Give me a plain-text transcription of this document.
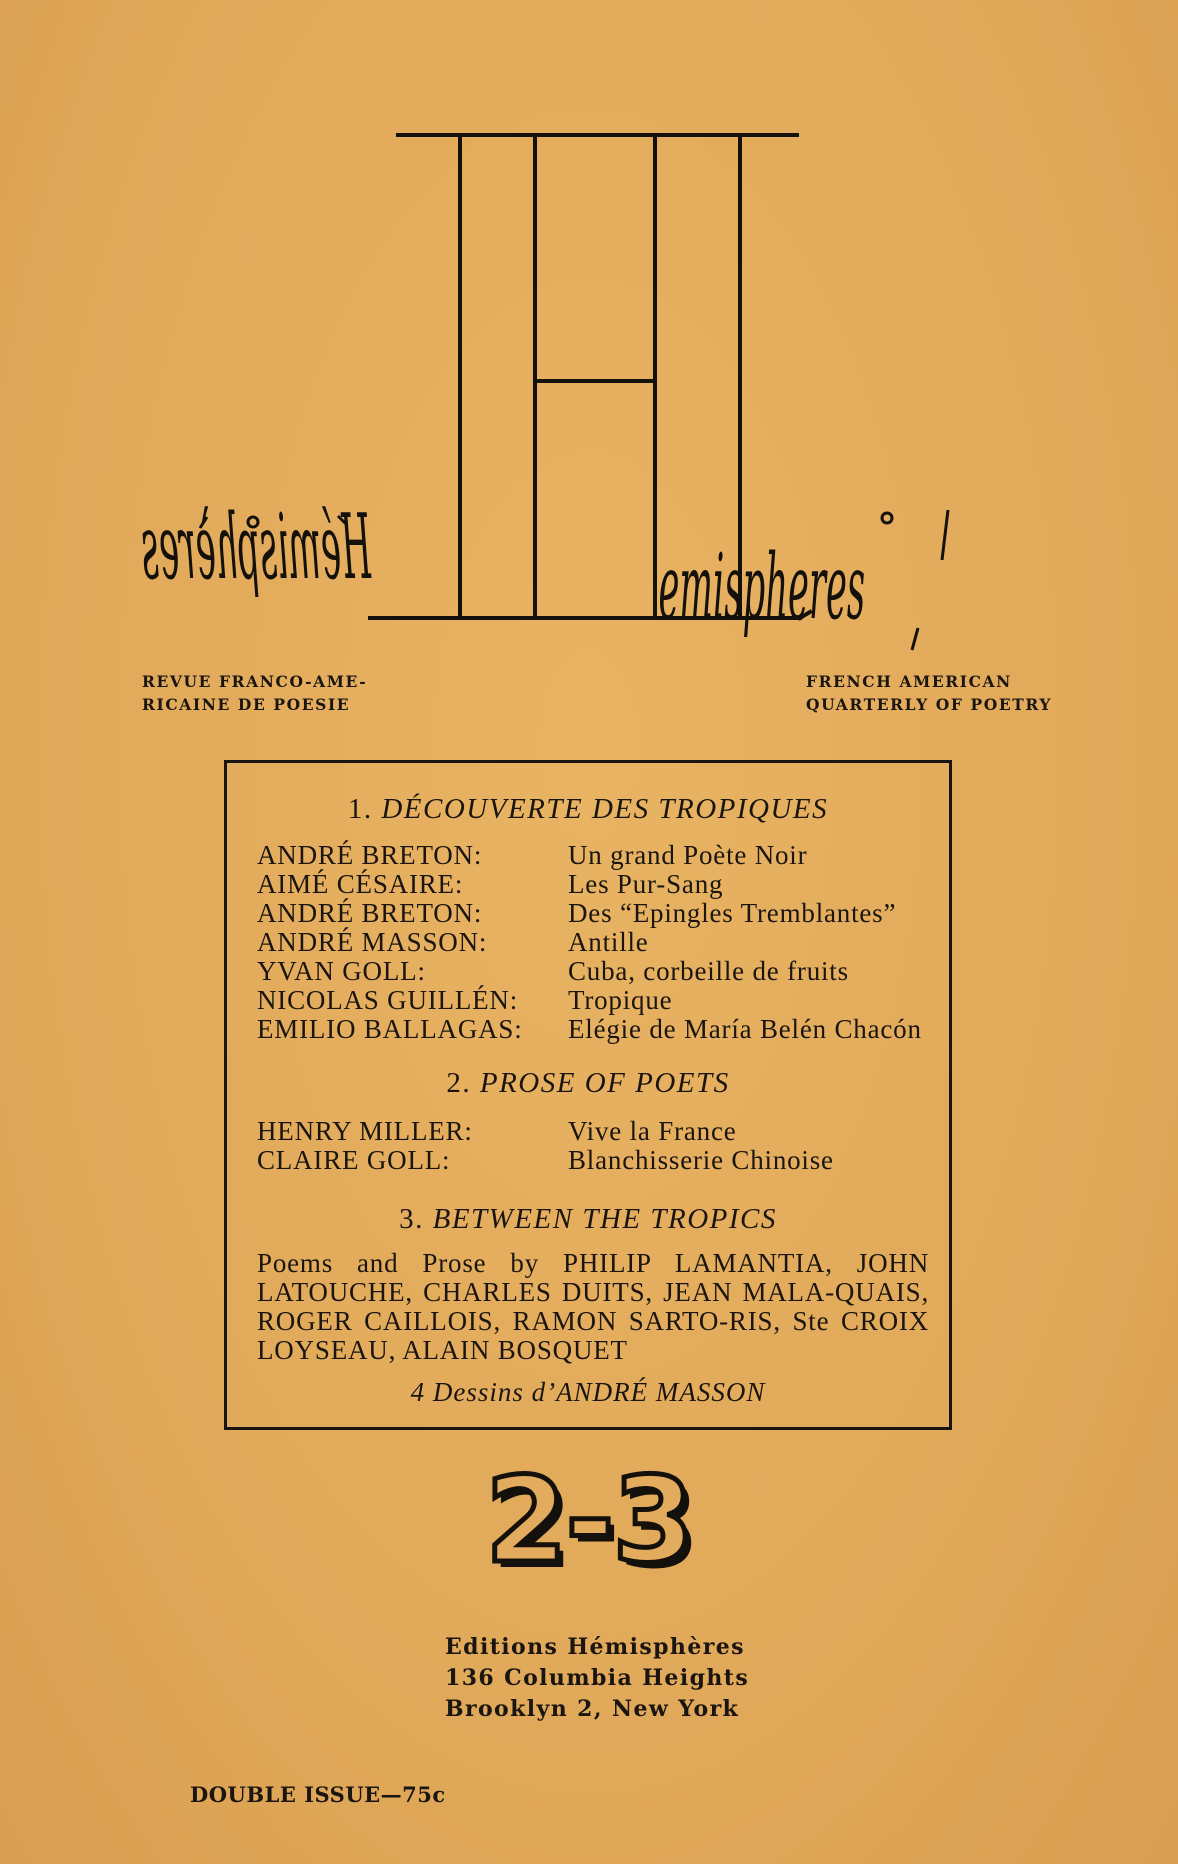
Hémisphères	emispheres
REVUE FRANCO-AME-
RICAINE DE POESIE
FRENCH AMERICAN
QUARTERLY OF POETRY
1. DÉCOUVERTE DES TROPIQUES
2. PROSE OF POETS
3. BETWEEN THE TROPICS
Poems and Prose by PHILIP LAMANTIA, JOHN LATOUCHE, CHARLES DUITS, JEAN MALA-QUAIS, ROGER CAILLOIS, RAMON SARTO-RIS, Ste CROIX LOYSEAU, ALAIN BOSQUET
4 Dessins d’ANDRÉ MASSON
ANDRÉ BRETON:	Un grand Poète Noir
AIMÉ CÉSAIRE:	Les Pur-Sang
ANDRÉ BRETON:	Des “Epingles Tremblantes”
ANDRÉ MASSON:	Antille
YVAN GOLL:	Cuba, corbeille de fruits
NICOLAS GUILLÉN: Tropique
EMILIO BALLAGAS: Elégie de María Belén Chacón
HENRY MILLER:	Vive la France
CLAIRE GOLL:	Blanchisserie Chinoise
2-3
Editions Hémisphères
136 Columbia Heights
Brooklyn 2, New York
DOUBLE ISSUE—75c
